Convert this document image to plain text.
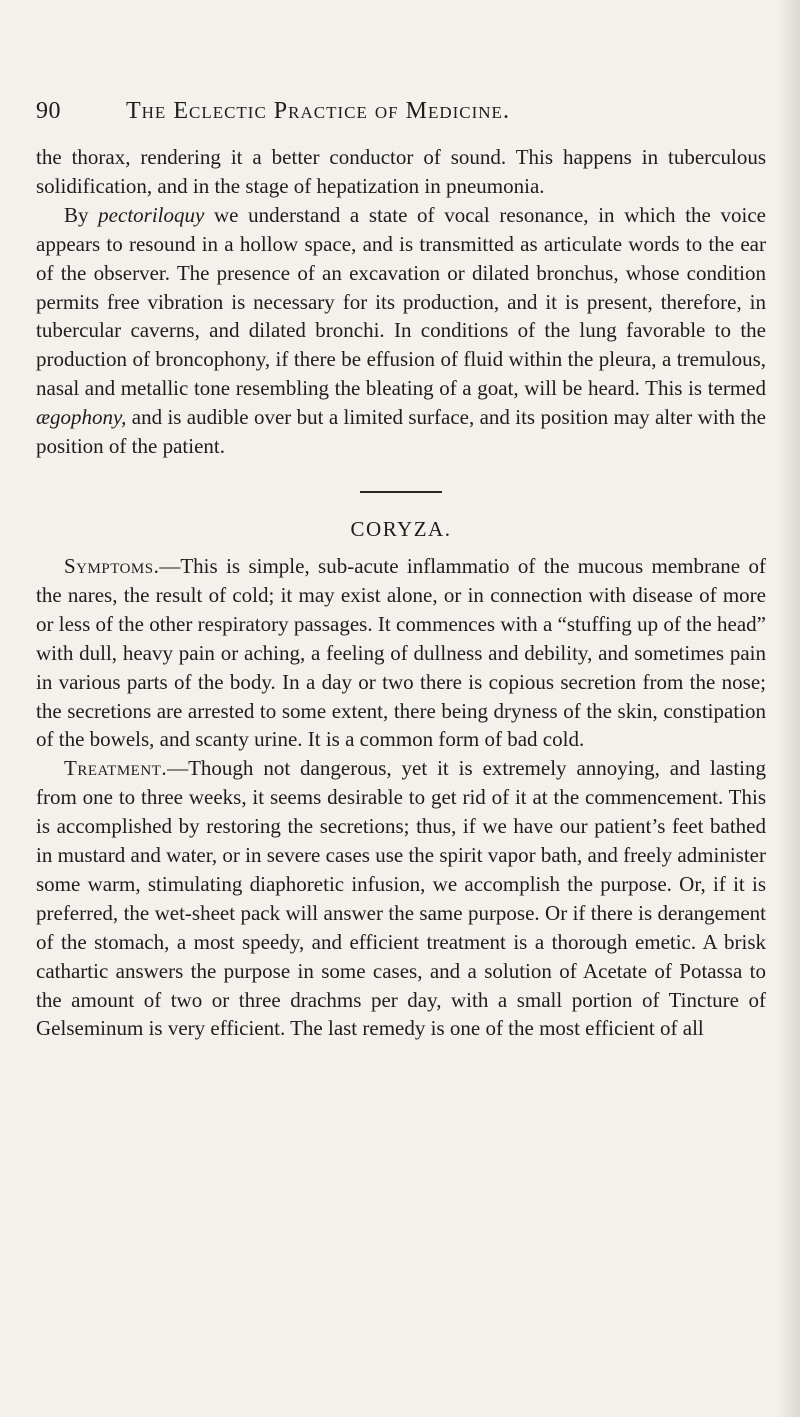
90	The Eclectic Practice of Medicine.

the thorax, rendering it a better conductor of sound. This happens in tuberculous solidification, and in the stage of hepatization in pneumonia.

By pectoriloquy we understand a state of vocal resonance, in which the voice appears to resound in a hollow space, and is transmitted as articulate words to the ear of the observer. The presence of an excavation or dilated bronchus, whose condition permits free vibration is necessary for its production, and it is present, therefore, in tubercular caverns, and dilated bronchi. In conditions of the lung favorable to the production of broncophony, if there be effusion of fluid within the pleura, a tremulous, nasal and metallic tone resembling the bleating of a goat, will be heard. This is termed ægophony, and is audible over but a limited surface, and its position may alter with the position of the patient.

CORYZA.

Symptoms.—This is simple, sub-acute inflammatio of the mucous membrane of the nares, the result of cold; it may exist alone, or in connection with disease of more or less of the other respiratory passages. It commences with a “stuffing up of the head” with dull, heavy pain or aching, a feeling of dullness and debility, and sometimes pain in various parts of the body. In a day or two there is copious secretion from the nose; the secretions are arrested to some extent, there being dryness of the skin, constipation of the bowels, and scanty urine. It is a common form of bad cold.

Treatment.—Though not dangerous, yet it is extremely annoying, and lasting from one to three weeks, it seems desirable to get rid of it at the commencement. This is accomplished by restoring the secretions; thus, if we have our patient’s feet bathed in mustard and water, or in severe cases use the spirit vapor bath, and freely administer some warm, stimulating diaphoretic infusion, we accomplish the purpose. Or, if it is preferred, the wet-sheet pack will answer the same purpose. Or if there is derangement of the stomach, a most speedy, and efficient treatment is a thorough emetic. A brisk cathartic answers the purpose in some cases, and a solution of Acetate of Potassa to the amount of two or three drachms per day, with a small portion of Tincture of Gelseminum is very efficient. The last remedy is one of the most efficient of all
